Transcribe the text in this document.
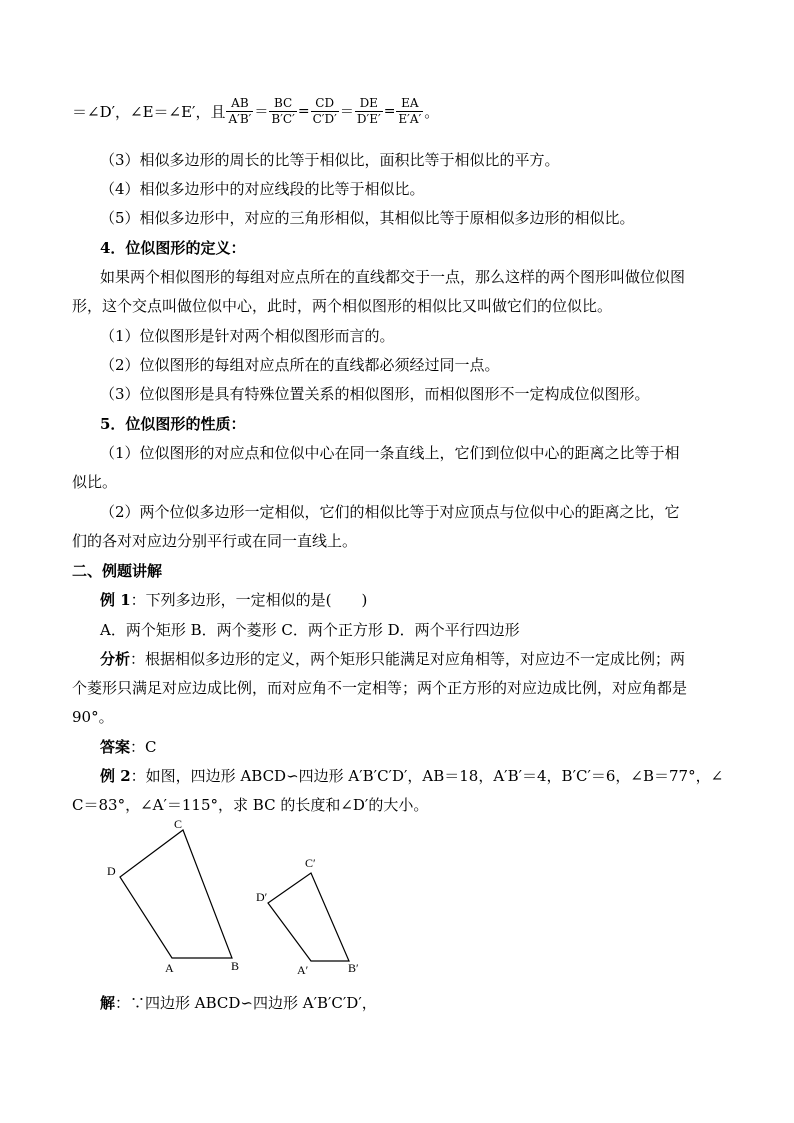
＝∠D′，∠E＝∠E′，且 $\frac{AB}{A'B'} = \frac{BC}{B'C'} = \frac{CD}{C'D'} = \frac{DE}{D'E'} = \frac{EA}{E'A'}$ 。
（3）相似多边形的周长的比等于相似比，面积比等于相似比的平方。
（4）相似多边形中的对应线段的比等于相似比。
（5）相似多边形中，对应的三角形相似，其相似比等于原相似多边形的相似比。
4．位似图形的定义：
如果两个相似图形的每组对应点所在的直线都交于一点，那么这样的两个图形叫做位似图
形，这个交点叫做位似中心，此时，两个相似图形的相似比又叫做它们的位似比。
（1）位似图形是针对两个相似图形而言的。
（2）位似图形的每组对应点所在的直线都必须经过同一点。
（3）位似图形是具有特殊位置关系的相似图形，而相似图形不一定构成位似图形。
5．位似图形的性质：
（1）位似图形的对应点和位似中心在同一条直线上，它们到位似中心的距离之比等于相
似比。
（2）两个位似多边形一定相似，它们的相似比等于对应顶点与位似中心的距离之比，它
们的各对对应边分别平行或在同一直线上。
二、例题讲解
例 1：下列多边形，一定相似的是(　　)
A．两个矩形 B．两个菱形 C．两个正方形 D．两个平行四边形
分析：根据相似多边形的定义，两个矩形只能满足对应角相等，对应边不一定成比例；两
个菱形只满足对应边成比例，而对应角不一定相等；两个正方形的对应边成比例，对应角都是
90°。
答案：C
例 2：如图，四边形 ABCD∽四边形 A′B′C′D′，AB＝18，A′B′＝4，B′C′＝6，∠B＝77°，∠
C＝83°，∠A′＝115°，求 BC 的长度和∠D′的大小。
A	B
C
D
A′	B′
C′
D′
解：∵四边形 ABCD∽四边形 A′B′C′D′，
